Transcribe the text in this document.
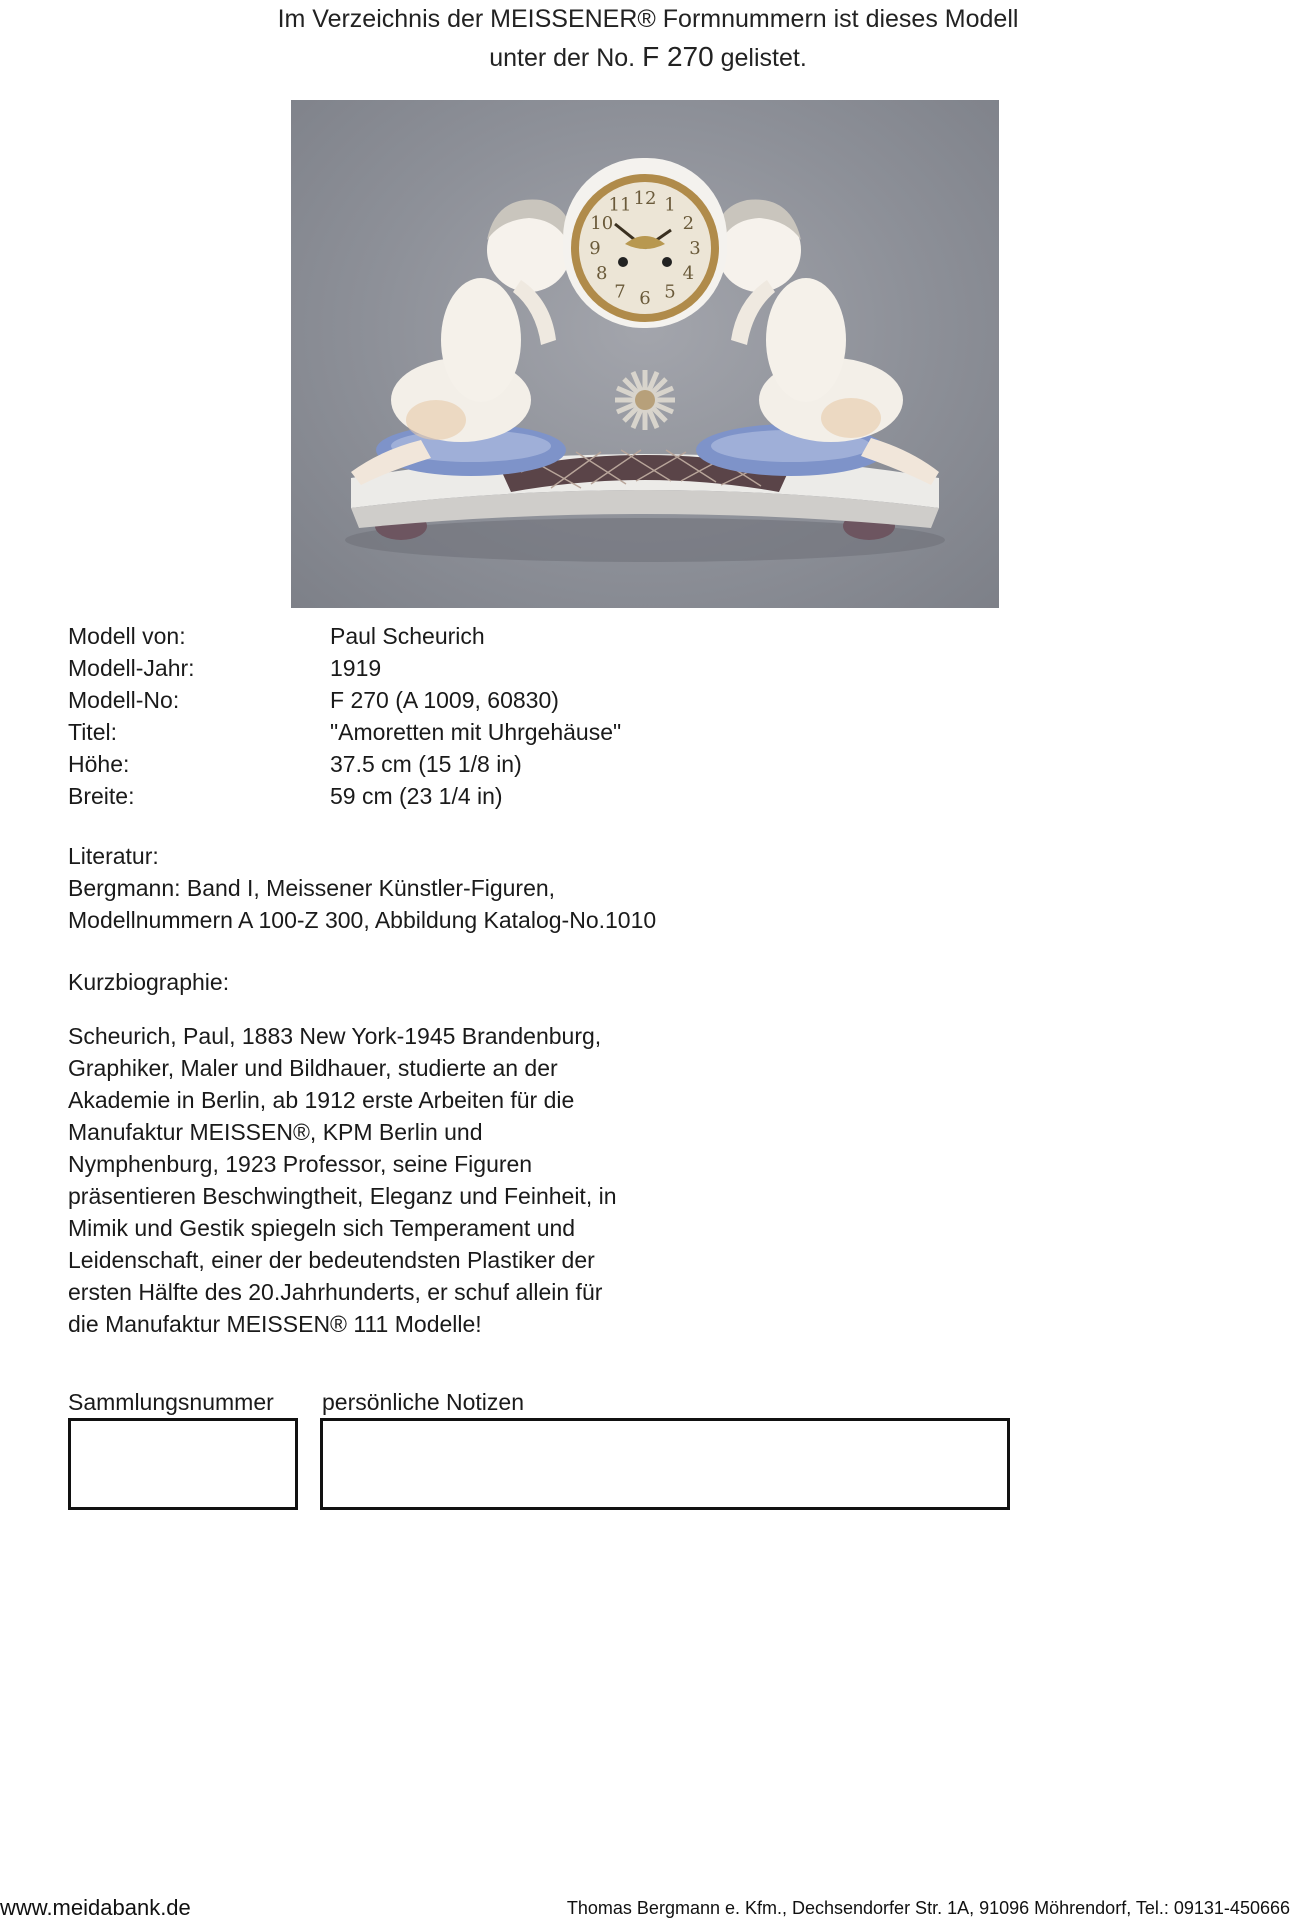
Im Verzeichnis der MEISSENER® Formnummern ist dieses Modell
unter der No. F 270 gelistet.
12 1
2
3
4
5
6
7
8
9
10
11
Modell von:	Paul Scheurich
Modell-Jahr:	1919
Modell-No:	F 270 (A 1009, 60830)
Titel:	"Amoretten mit Uhrgehäuse"
Höhe:	37.5 cm (15 1/8 in)
Breite:	59 cm (23 1/4 in)
Literatur:
Bergmann: Band I, Meissener Künstler-Figuren,
Modellnummern A 100-Z 300, Abbildung Katalog-No.1010
Kurzbiographie:
Scheurich, Paul, 1883 New York-1945 Brandenburg,
Graphiker, Maler und Bildhauer, studierte an der
Akademie in Berlin, ab 1912 erste Arbeiten für die
Manufaktur MEISSEN®, KPM Berlin und
Nymphenburg, 1923 Professor, seine Figuren
präsentieren Beschwingtheit, Eleganz und Feinheit, in
Mimik und Gestik spiegeln sich Temperament und
Leidenschaft, einer der bedeutendsten Plastiker der
ersten Hälfte des 20.Jahrhunderts, er schuf allein für
die Manufaktur MEISSEN® 111 Modelle!
Sammlungsnummer persönliche Notizen
www.meidabank.de	Thomas Bergmann e. Kfm., Dechsendorfer Str. 1A, 91096 Möhrendorf, Tel.: 09131-450666
